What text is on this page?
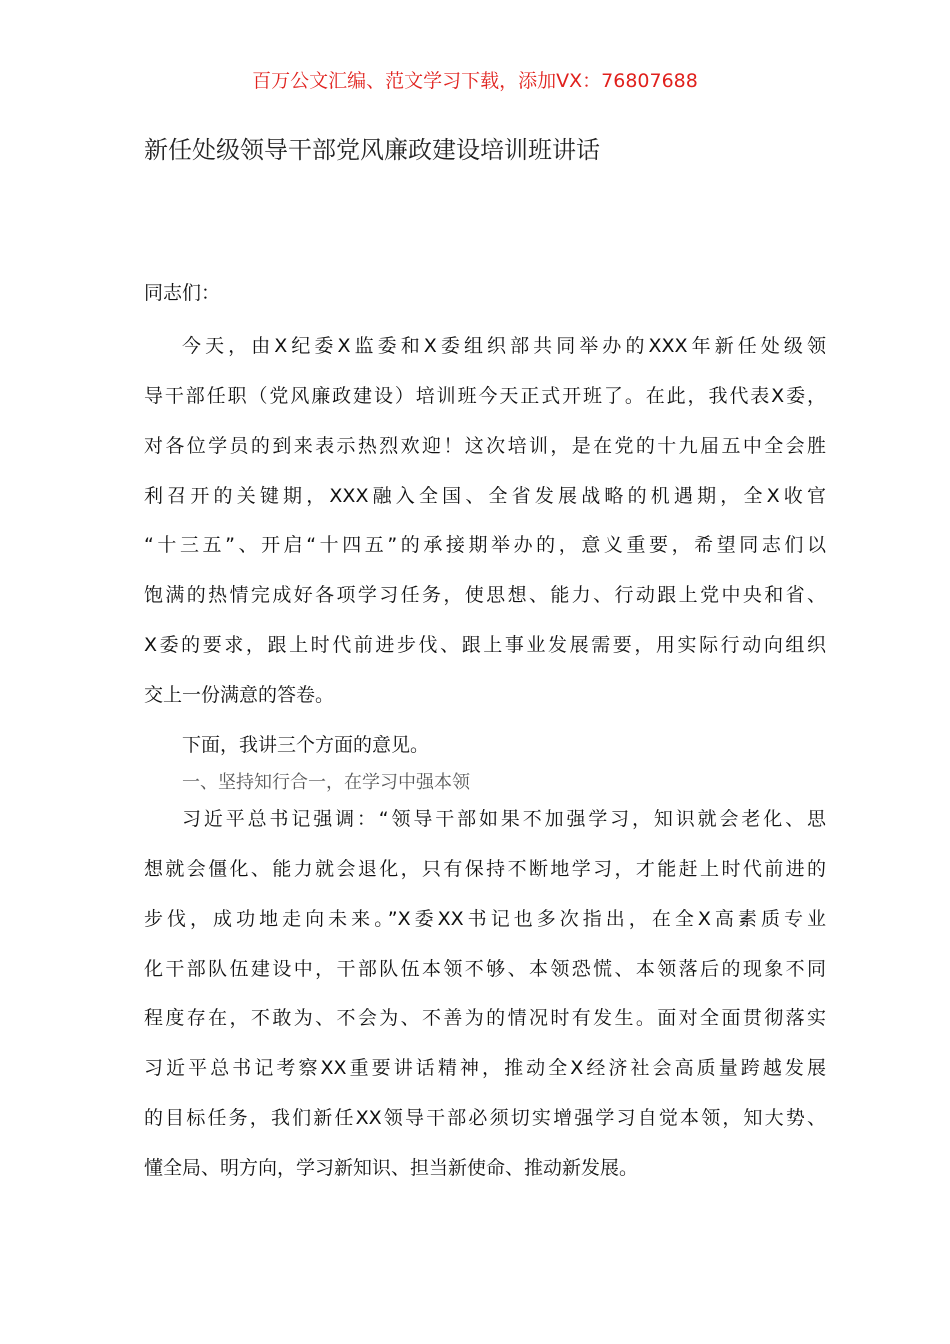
百万公文汇编、范文学习下载，添加VX：76807688
新任处级领导干部党风廉政建设培训班讲话
同志们：
今天，由X纪委X监委和X委组织部共同举办的XXX年新任处级领
导干部任职（党风廉政建设）培训班今天正式开班了。在此，我代表X委，
对各位学员的到来表示热烈欢迎！这次培训，是在党的十九届五中全会胜
利召开的关键期，XXX融入全国、全省发展战略的机遇期，全X收官
“十三五”、开启“十四五”的承接期举办的，意义重要，希望同志们以
饱满的热情完成好各项学习任务，使思想、能力、行动跟上党中央和省、
X委的要求，跟上时代前进步伐、跟上事业发展需要，用实际行动向组织
交上一份满意的答卷。
下面，我讲三个方面的意见。
一、坚持知行合一，在学习中强本领
习近平总书记强调：“领导干部如果不加强学习，知识就会老化、思
想就会僵化、能力就会退化，只有保持不断地学习，才能赶上时代前进的
步伐，成功地走向未来。”X委XX书记也多次指出，在全X高素质专业
化干部队伍建设中，干部队伍本领不够、本领恐慌、本领落后的现象不同
程度存在，不敢为、不会为、不善为的情况时有发生。面对全面贯彻落实
习近平总书记考察XX重要讲话精神，推动全X经济社会高质量跨越发展
的目标任务，我们新任XX领导干部必须切实增强学习自觉本领，知大势、
懂全局、明方向，学习新知识、担当新使命、推动新发展。
